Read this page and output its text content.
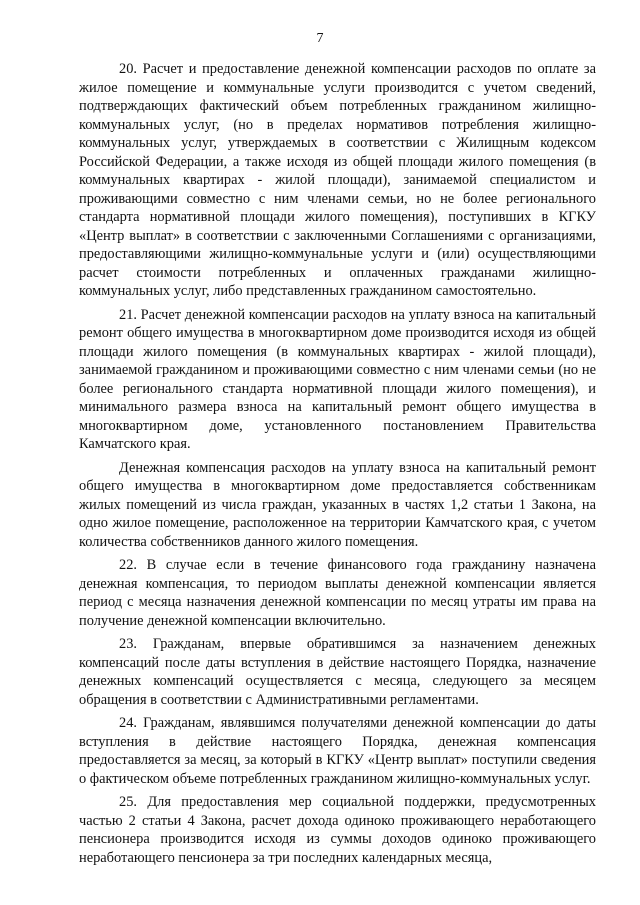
7

20. Расчет и предоставление денежной компенсации расходов по оплате за жилое помещение и коммунальные услуги производится с учетом сведений, подтверждающих фактический объем потребленных гражданином жилищно-коммунальных услуг, (но в пределах нормативов потребления жилищно-коммунальных услуг, утверждаемых в соответствии с Жилищным кодексом Российской Федерации, а также исходя из общей площади жилого помещения (в коммунальных квартирах - жилой площади), занимаемой специалистом и проживающими совместно с ним членами семьи, но не более регионального стандарта нормативной площади жилого помещения), поступивших в КГКУ «Центр выплат» в соответствии с заключенными Соглашениями с организациями, предоставляющими жилищно-коммунальные услуги и (или) осуществляющими расчет стоимости потребленных и оплаченных гражданами жилищно-коммунальных услуг, либо представленных гражданином самостоятельно.

21. Расчет денежной компенсации расходов на уплату взноса на капитальный ремонт общего имущества в многоквартирном доме производится исходя из общей площади жилого помещения (в коммунальных квартирах - жилой площади), занимаемой гражданином и проживающими совместно с ним членами семьи (но не более регионального стандарта нормативной площади жилого помещения), и минимального размера взноса на капитальный ремонт общего имущества в многоквартирном доме, установленного постановлением Правительства Камчатского края.

Денежная компенсация расходов на уплату взноса на капитальный ремонт общего имущества в многоквартирном доме предоставляется собственникам жилых помещений из числа граждан, указанных в частях 1,2 статьи 1 Закона, на одно жилое помещение, расположенное на территории Камчатского края, с учетом количества собственников данного жилого помещения.

22. В случае если в течение финансового года гражданину назначена денежная компенсация, то периодом выплаты денежной компенсации является период с месяца назначения денежной компенсации по месяц утраты им права на получение денежной компенсации включительно.

23. Гражданам, впервые обратившимся за назначением денежных компенсаций после даты вступления в действие настоящего Порядка, назначение денежных компенсаций осуществляется с месяца, следующего за месяцем обращения в соответствии с Административными регламентами.

24. Гражданам, являвшимся получателями денежной компенсации до даты вступления в действие настоящего Порядка, денежная компенсация предоставляется за месяц, за который в КГКУ «Центр выплат» поступили сведения о фактическом объеме потребленных гражданином жилищно-коммунальных услуг.

25. Для предоставления мер социальной поддержки, предусмотренных частью 2 статьи 4 Закона, расчет дохода одиноко проживающего неработающего пенсионера производится исходя из суммы доходов одиноко проживающего неработающего пенсионера за три последних календарных месяца,
